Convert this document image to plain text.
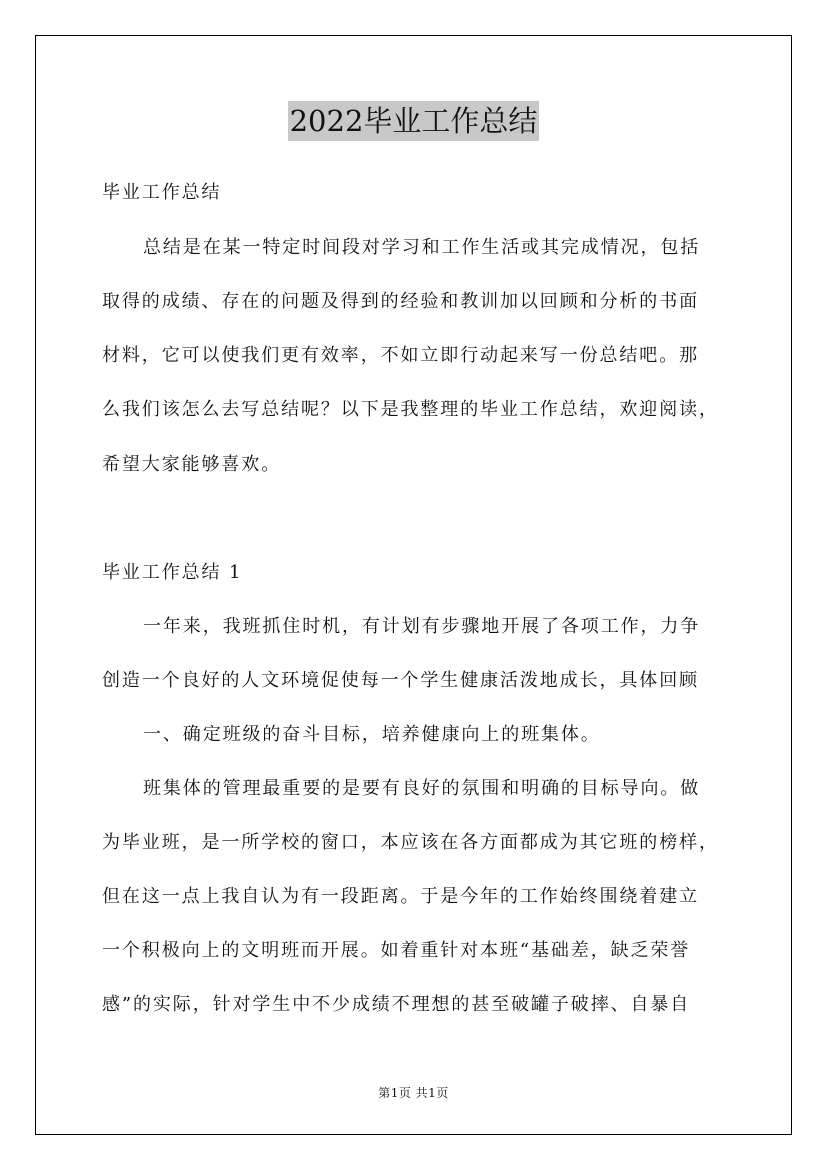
2022毕业工作总结
毕业工作总结
总结是在某一特定时间段对学习和工作生活或其完成情况，包括
取得的成绩、存在的问题及得到的经验和教训加以回顾和分析的书面
材料，它可以使我们更有效率，不如立即行动起来写一份总结吧。那
么我们该怎么去写总结呢？以下是我整理的毕业工作总结，欢迎阅读，
希望大家能够喜欢。
毕业工作总结 1
一年来，我班抓住时机，有计划有步骤地开展了各项工作，力争
创造一个良好的人文环境促使每一个学生健康活泼地成长，具体回顾
一、确定班级的奋斗目标，培养健康向上的班集体。
班集体的管理最重要的是要有良好的氛围和明确的目标导向。做
为毕业班，是一所学校的窗口，本应该在各方面都成为其它班的榜样，
但在这一点上我自认为有一段距离。于是今年的工作始终围绕着建立
一个积极向上的文明班而开展。如着重针对本班“基础差，缺乏荣誉
感”的实际，针对学生中不少成绩不理想的甚至破罐子破摔、自暴自
第1页 共1页
